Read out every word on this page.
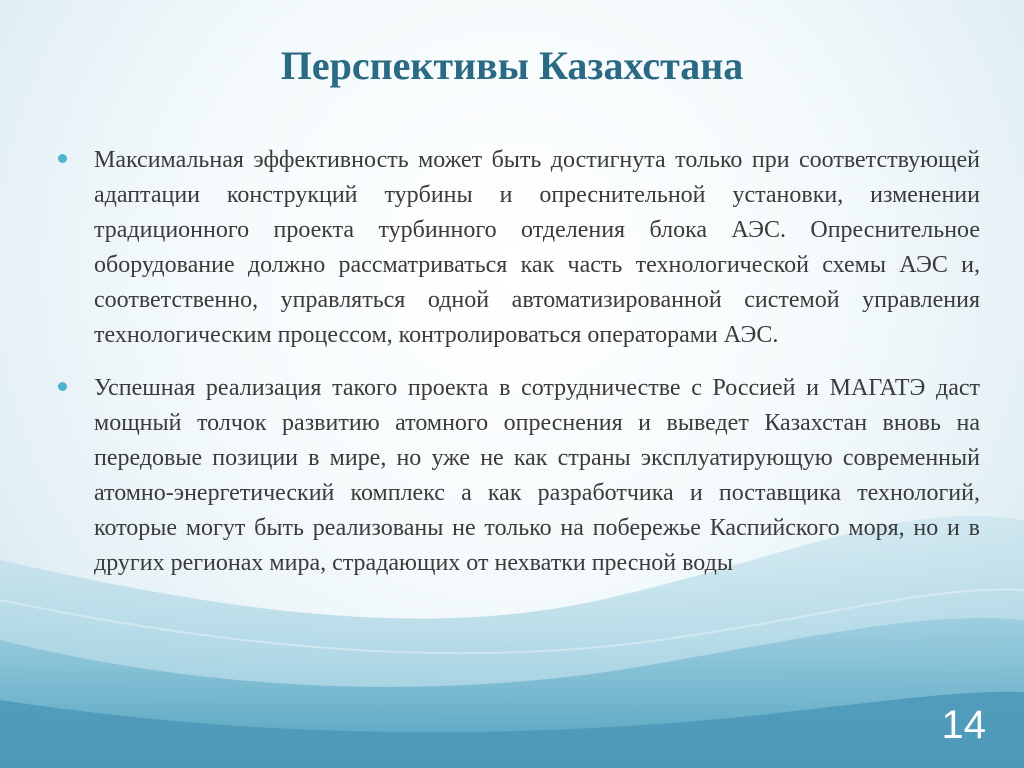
Перспективы Казахстана
Максимальная эффективность может быть достигнута только при соответствующей адаптации конструкций турбины и опреснительной установки, изменении традиционного проекта турбинного отделения блока АЭС. Опреснительное оборудование должно рассматриваться как часть технологической схемы АЭС и, соответственно, управляться одной автоматизированной системой управления технологическим процессом, контролироваться операторами АЭС.
Успешная реализация такого проекта в сотрудничестве с Россией и МАГАТЭ даст мощный толчок развитию атомного опреснения и выведет Казахстан вновь на передовые позиции в мире, но уже не как страны эксплуатирующую современный атомно-энергетический комплекс а как разработчика и поставщика технологий, которые могут быть реализованы не только на побережье Каспийского моря, но и в других регионах мира, страдающих от нехватки пресной воды
14
